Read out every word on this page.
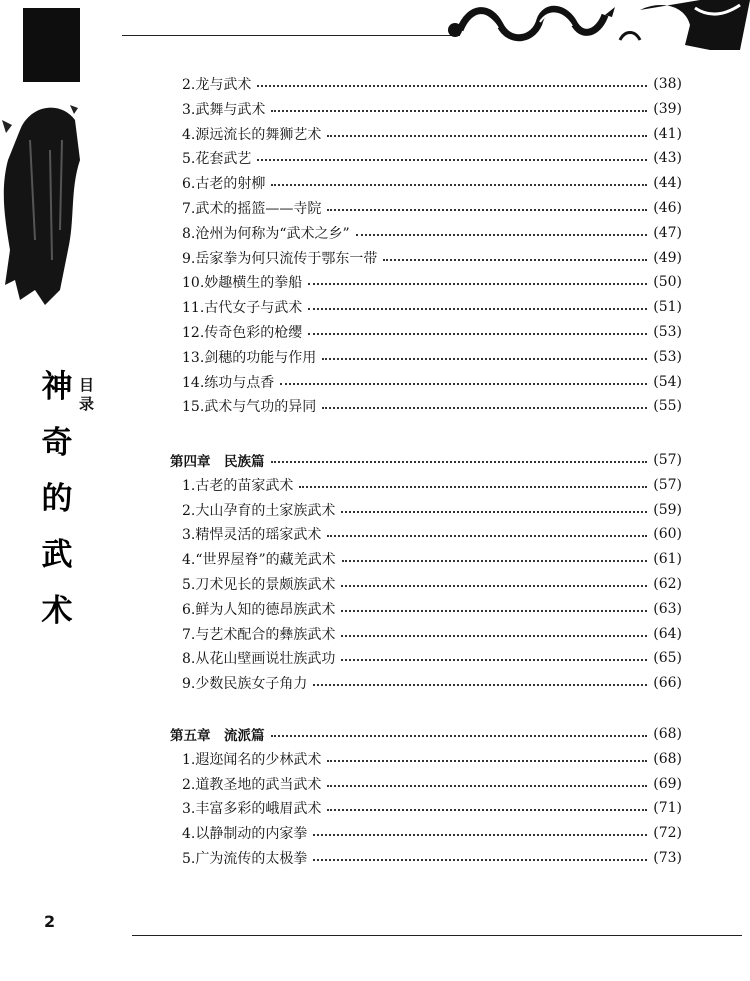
神
奇
的
武
术
目录
2.龙与武术	(38)
3.武舞与武术	(39)
4.源远流长的舞狮艺术	(41)
5.花套武艺	(43)
6.古老的射柳	(44)
7.武术的摇篮——寺院	(46)
8.沧州为何称为“武术之乡”	(47)
9.岳家拳为何只流传于鄂东一带	(49)
10.妙趣横生的拳船	(50)
11.古代女子与武术	(51)
12.传奇色彩的枪缨	(53)
13.剑穗的功能与作用	(53)
14.练功与点香	(54)
15.武术与气功的异同	(55)
第四章　民族篇	(57)
1.古老的苗家武术	(57)
2.大山孕育的土家族武术	(59)
3.精悍灵活的瑶家武术	(60)
4.“世界屋脊”的藏羌武术	(61)
5.刀术见长的景颇族武术	(62)
6.鲜为人知的德昂族武术	(63)
7.与艺术配合的彝族武术	(64)
8.从花山壁画说壮族武功	(65)
9.少数民族女子角力	(66)
第五章　流派篇	(68)
1.遐迩闻名的少林武术	(68)
2.道教圣地的武当武术	(69)
3.丰富多彩的峨眉武术	(71)
4.以静制动的内家拳	(72)
5.广为流传的太极拳	(73)
2
